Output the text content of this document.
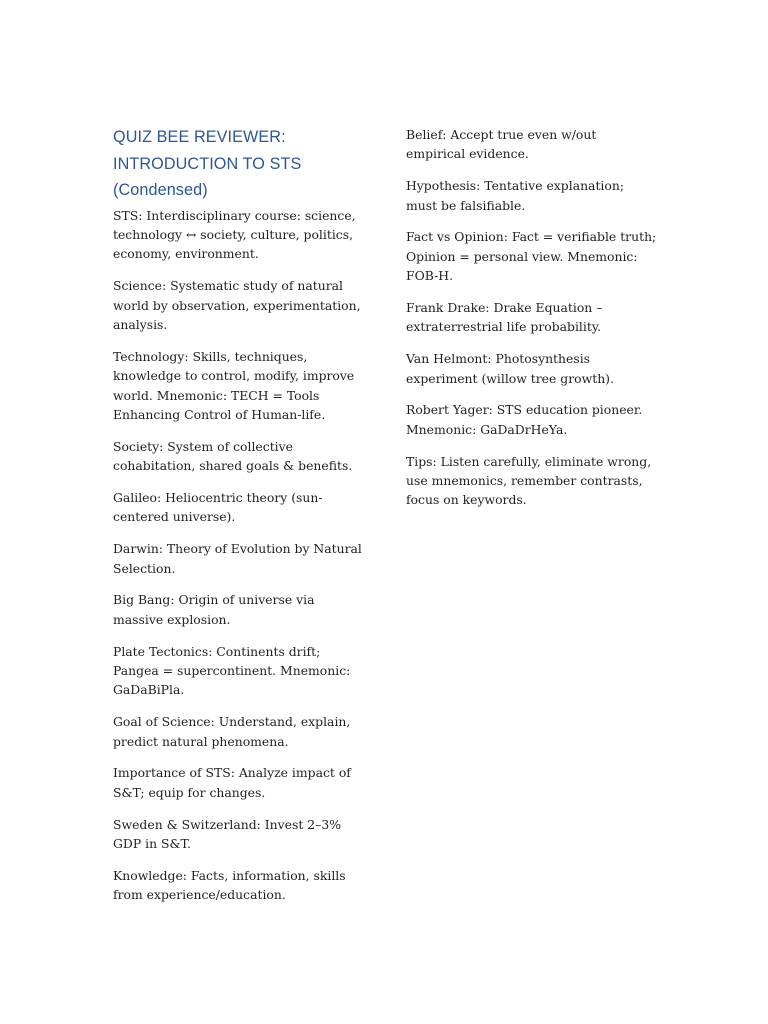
QUIZ BEE REVIEWER:
INTRODUCTION TO STS
(Condensed)

STS: Interdisciplinary course: science, technology ↔ society, culture, politics, economy, environment.

Science: Systematic study of natural world by observation, experimentation, analysis.

Technology: Skills, techniques, knowledge to control, modify, improve world. Mnemonic: TECH = Tools Enhancing Control of Human-life.

Society: System of collective cohabitation, shared goals & benefits.

Galileo: Heliocentric theory (sun-centered universe).

Darwin: Theory of Evolution by Natural Selection.

Big Bang: Origin of universe via massive explosion.

Plate Tectonics: Continents drift; Pangea = supercontinent. Mnemonic: GaDaBiPla.

Goal of Science: Understand, explain, predict natural phenomena.

Importance of STS: Analyze impact of S&T; equip for changes.

Sweden & Switzerland: Invest 2–3% GDP in S&T.

Knowledge: Facts, information, skills from experience/education.

Belief: Accept true even w/out empirical evidence.

Hypothesis: Tentative explanation; must be falsifiable.

Fact vs Opinion: Fact = verifiable truth; Opinion = personal view. Mnemonic: FOB-H.

Frank Drake: Drake Equation – extraterrestrial life probability.

Van Helmont: Photosynthesis experiment (willow tree growth).

Robert Yager: STS education pioneer. Mnemonic: GaDaDrHeYa.

Tips: Listen carefully, eliminate wrong, use mnemonics, remember contrasts, focus on keywords.
